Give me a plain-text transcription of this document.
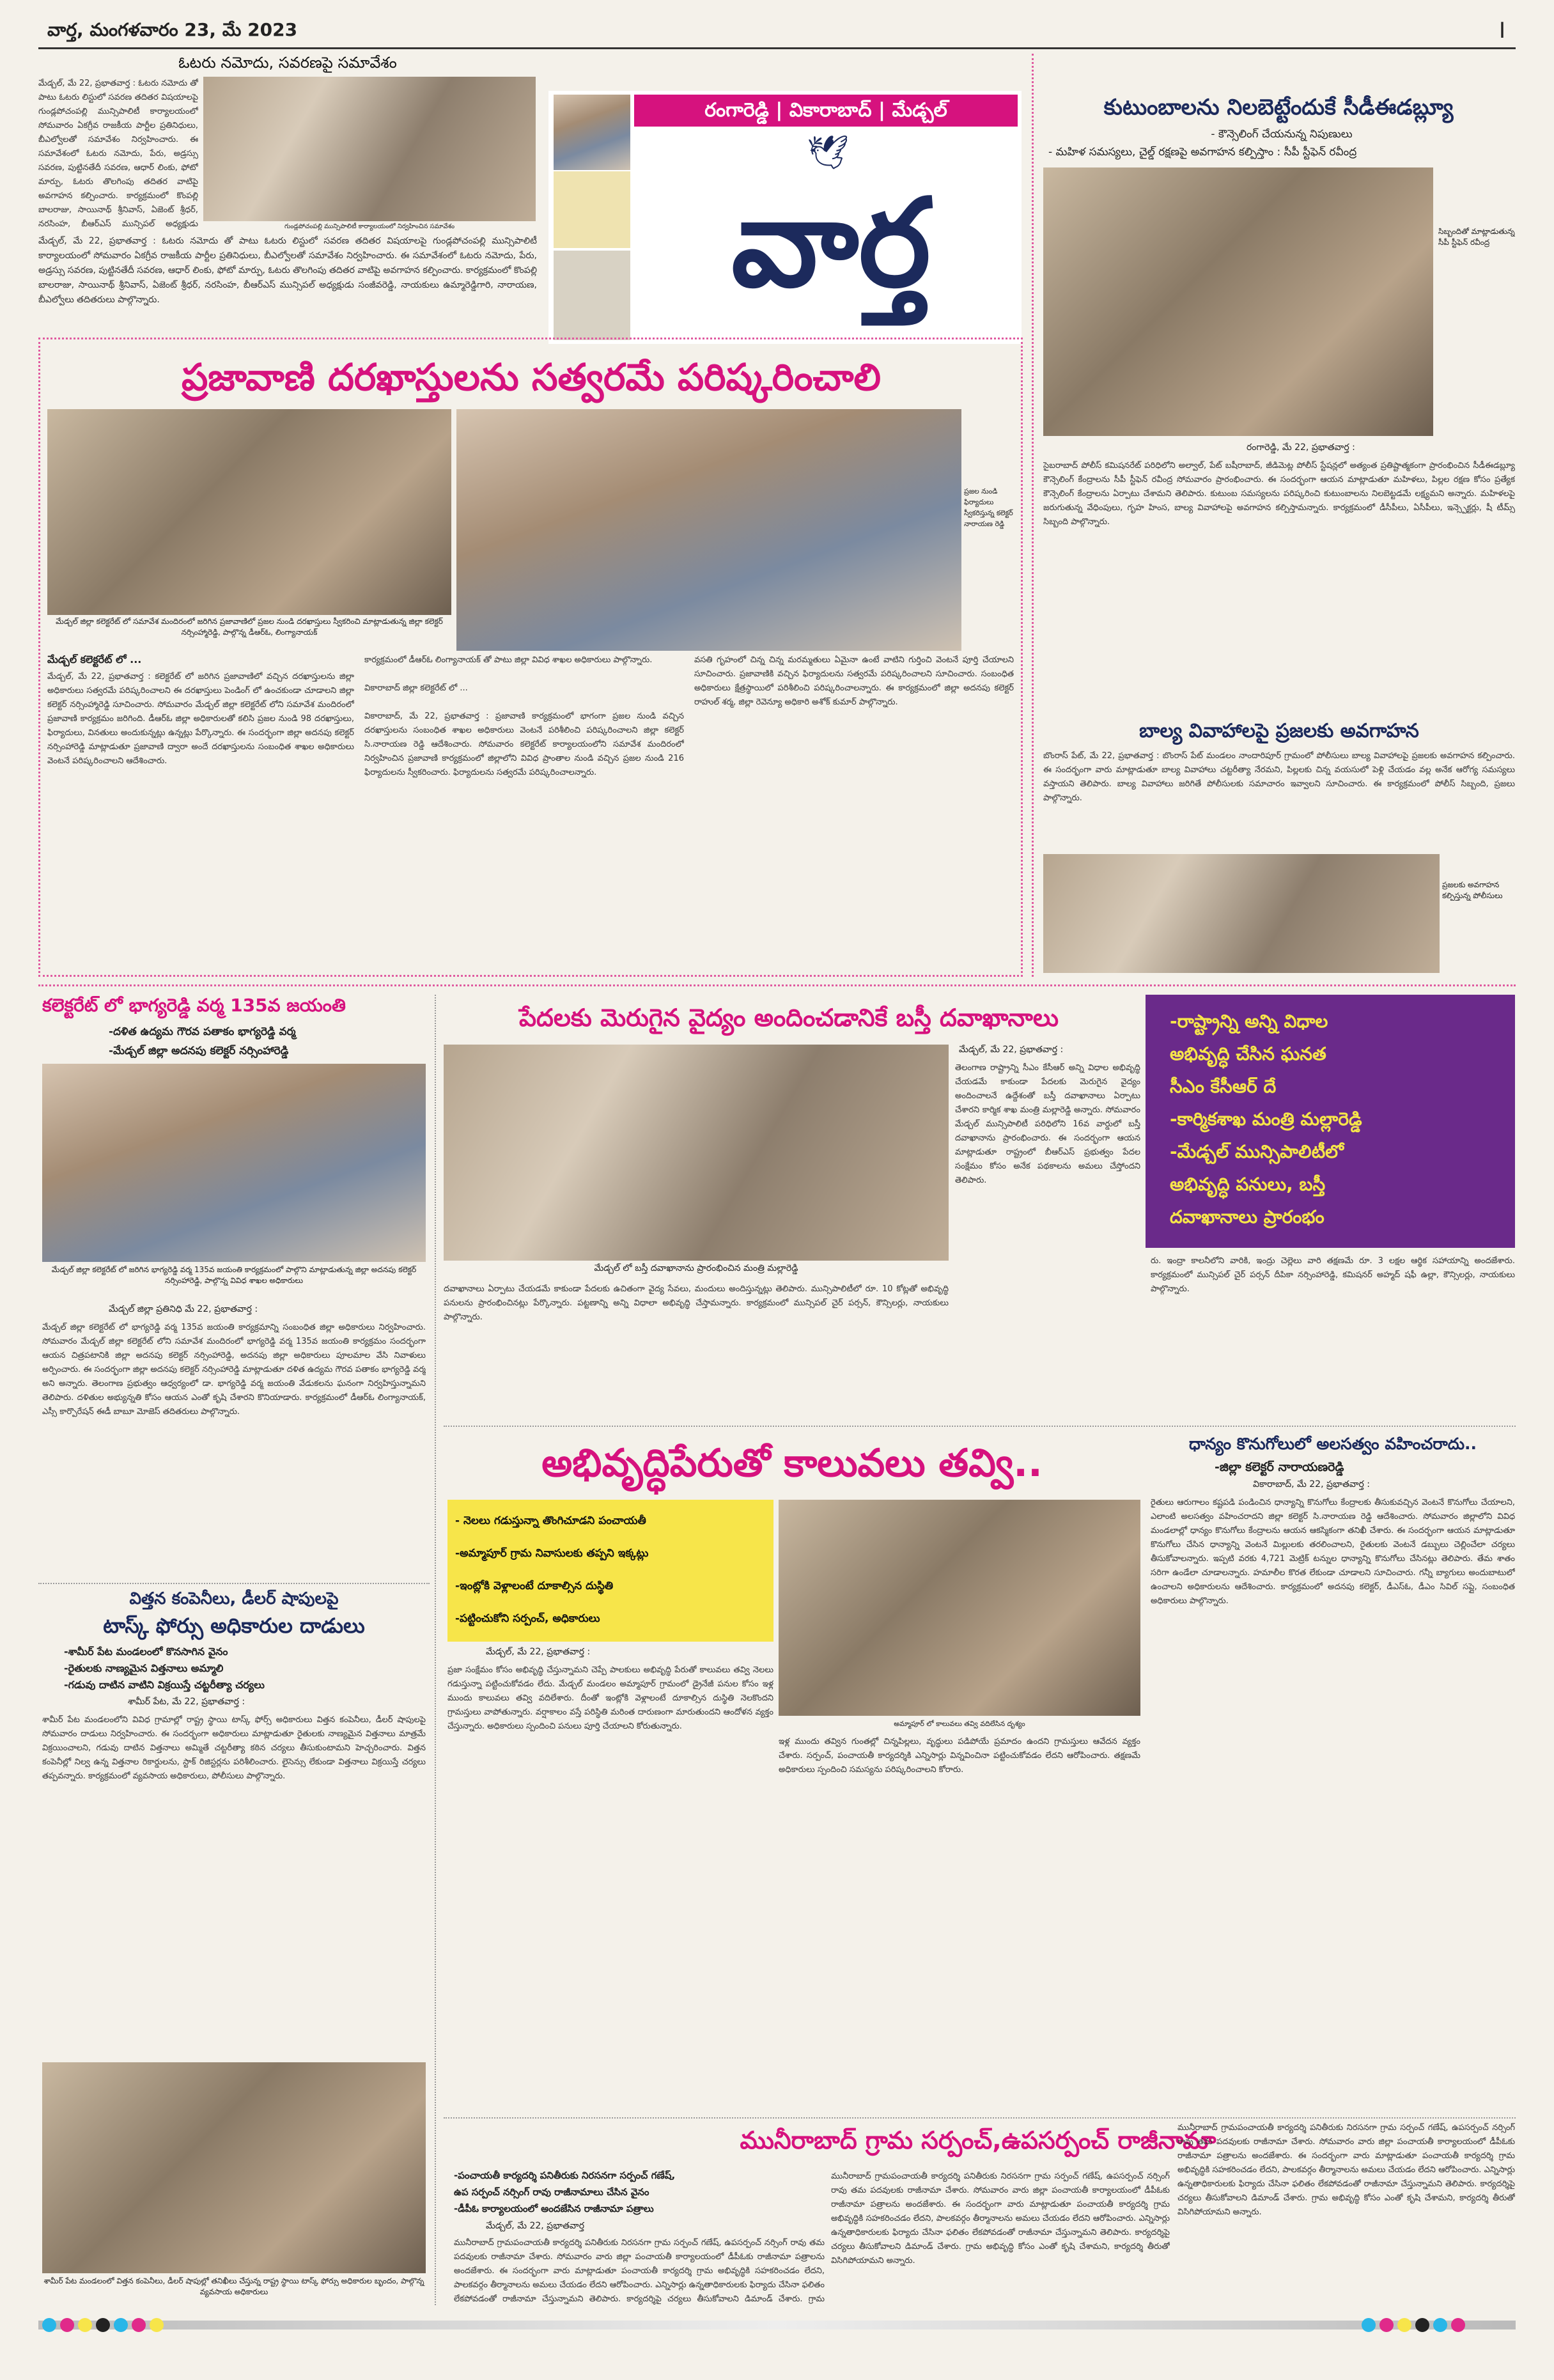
వార్త, మంగళవారం 23, మే 2023	I
ఓటరు నమోదు, సవరణపై సమావేశం
గుండ్లపోచంపల్లి మున్సిపాలిటీ కార్యాలయంలో నిర్వహించిన సమావేశం
మేడ్చల్, మే 22, ప్రభాతవార్త : ఓటరు నమోదు తో పాటు ఓటరు లిస్టులో సవరణ తదితర విషయాలపై గుండ్లపోచంపల్లి మున్సిపాలిటీ కార్యాలయంలో సోమవారం ఏకగ్రీవ రాజకీయ పార్టీల ప్రతినిధులు, బీఎల్వోలతో సమావేశం నిర్వహించారు. ఈ సమావేశంలో ఓటరు నమోదు, పేరు, అడ్రస్సు సవరణ, పుట్టినతేదీ సవరణ, ఆధార్ లింకు, ఫోటో మార్పు, ఓటరు తొలగింపు తదితర వాటిపై అవగాహన కల్పించారు. కార్యక్రమంలో కొంపల్లి బాలరాజు, సాయినాథ్ శ్రీనివాస్, ఏజెంట్ శ్రీధర్, నరసింహ, బీఆర్ఎస్ మున్సిపల్ అధ్యక్షుడు
మేడ్చల్, మే 22, ప్రభాతవార్త : ఓటరు నమోదు తో పాటు ఓటరు లిస్టులో సవరణ తదితర విషయాలపై గుండ్లపోచంపల్లి మున్సిపాలిటీ కార్యాలయంలో సోమవారం ఏకగ్రీవ రాజకీయ పార్టీల ప్రతినిధులు, బీఎల్వోలతో సమావేశం నిర్వహించారు. ఈ సమావేశంలో ఓటరు నమోదు, పేరు, అడ్రస్సు సవరణ, పుట్టినతేదీ సవరణ, ఆధార్ లింకు, ఫోటో మార్పు, ఓటరు తొలగింపు తదితర వాటిపై అవగాహన కల్పించారు. కార్యక్రమంలో కొంపల్లి బాలరాజు, సాయినాథ్ శ్రీనివాస్, ఏజెంట్ శ్రీధర్, నరసింహ, బీఆర్ఎస్ మున్సిపల్ అధ్యక్షుడు సంజీవరెడ్డి, నాయకులు ఉమ్మారెడ్డిగారి, నారాయణ, బీఎల్వోలు తదితరులు పాల్గొన్నారు.
రంగారెడ్డి | వికారాబాద్ | మేడ్చల్
🕊
వార్త
ప్రజావాణి దరఖాస్తులను సత్వరమే పరిష్కరించాలి
మేడ్చల్ జిల్లా కలెక్టరేట్ లో సమావేశ మందిరంలో జరిగిన ప్రజావాణిలో ప్రజల నుండి దరఖాస్తులు స్వీకరించి మాట్లాడుతున్న జిల్లా కలెక్టర్ నర్సింహ్మారెడ్డి, పాల్గొన్న డీఆర్ఓ, లింగ్యానాయక్
ప్రజల నుండి ఫిర్యాదులు స్వీకరిస్తున్న కలెక్టర్ నారాయణ రెడ్డి
మేడ్చల్ కలెక్టరేట్ లో ...
మేడ్చల్, మే 22, ప్రభాతవార్త : కలెక్టరేట్ లో జరిగిన ప్రజావాణిలో వచ్చిన దరఖాస్తులను జిల్లా అధికారులు సత్వరమే పరిష్కరించాలని ఈ దరఖాస్తులు పెండింగ్ లో ఉంచకుండా చూడాలని జిల్లా కలెక్టర్ నర్సింహ్మారెడ్డి సూచించారు. సోమవారం మేడ్చల్ జిల్లా కలెక్టరేట్ లోని సమావేశ మందిరంలో ప్రజావాణి కార్యక్రమం జరిగింది. డీఆర్ఓ జిల్లా అధికారులతో కలిసి ప్రజల నుండి 98 దరఖాస్తులు, ఫిర్యాదులు, వినతులు అందుకున్నట్లు ఉన్నట్లు పేర్కొన్నారు. ఈ సందర్భంగా జిల్లా అదనపు కలెక్టర్ నర్సింహారెడ్డి మాట్లాడుతూ ప్రజావాణి ద్వారా అందే దరఖాస్తులను సంబంధిత శాఖల అధికారులు వెంటనే పరిష్కరించాలని ఆదేశించారు.
కార్యక్రమంలో డీఆర్ఓ లింగ్యానాయక్ తో పాటు జిల్లా వివిధ శాఖల అధికారులు పాల్గొన్నారు.

వికారాబాద్ జిల్లా కలెక్టరేట్ లో ...

వికారాబాద్, మే 22, ప్రభాతవార్త : ప్రజావాణి కార్యక్రమంలో భాగంగా ప్రజల నుండి వచ్చిన దరఖాస్తులను సంబంధిత శాఖల అధికారులు వెంటనే పరిశీలించి పరిష్కరించాలని జిల్లా కలెక్టర్ సి.నారాయణ రెడ్డి ఆదేశించారు. సోమవారం కలెక్టరేట్ కార్యాలయంలోని సమావేశ మందిరంలో నిర్వహించిన ప్రజావాణి కార్యక్రమంలో జిల్లాలోని వివిధ ప్రాంతాల నుండి వచ్చిన ప్రజల నుండి 216 ఫిర్యాదులను స్వీకరించారు. ఫిర్యాదులను సత్వరమే పరిష్కరించాలన్నారు.
వసతి గృహంలో చిన్న చిన్న మరమ్మతులు ఏమైనా ఉంటే వాటిని గుర్తించి వెంటనే పూర్తి చేయాలని సూచించారు. ప్రజావాణికి వచ్చిన ఫిర్యాదులను సత్వరమే పరిష్కరించాలని సూచించారు. సంబంధిత అధికారులు క్షేత్రస్థాయిలో పరిశీలించి పరిష్కరించాలన్నారు. ఈ కార్యక్రమంలో జిల్లా అదనపు కలెక్టర్ రాహుల్ శర్మ, జిల్లా రెవెన్యూ అధికారి అశోక్ కుమార్ పాల్గొన్నారు.
కుటుంబాలను నిలబెట్టేందుకే సీడీఈడబ్ల్యూ
- కౌన్సెలింగ్ చేయనున్న నిపుణులు
- మహిళ సమస్యలు, చైల్డ్ రక్షణపై అవగాహన కల్పిస్తాం : సీపీ స్టీఫెన్ రవీంద్ర
సిబ్బందితో మాట్లాడుతున్న సీపీ స్టీఫెన్ రవీంద్ర
రంగారెడ్డి, మే 22, ప్రభాతవార్త :
సైబరాబాద్ పోలీస్ కమిషనరేట్ పరిధిలోని అల్వాల్, పేట్ బషీరాబాద్, జీడిమెట్ల పోలీస్ స్టేషన్లలో అత్యంత ప్రతిష్టాత్మకంగా ప్రారంభించిన సీడీఈడబ్ల్యూ కౌన్సెలింగ్ కేంద్రాలను సీపీ స్టీఫెన్ రవీంద్ర సోమవారం ప్రారంభించారు. ఈ సందర్భంగా ఆయన మాట్లాడుతూ మహిళలు, పిల్లల రక్షణ కోసం ప్రత్యేక కౌన్సెలింగ్ కేంద్రాలను ఏర్పాటు చేశామని తెలిపారు. కుటుంబ సమస్యలను పరిష్కరించి కుటుంబాలను నిలబెట్టడమే లక్ష్యమని అన్నారు. మహిళలపై జరుగుతున్న వేధింపులు, గృహ హింస, బాల్య వివాహాలపై అవగాహన కల్పిస్తామన్నారు. కార్యక్రమంలో డీసీపీలు, ఏసీపీలు, ఇన్స్పెక్టర్లు, షీ టీమ్స్ సిబ్బంది పాల్గొన్నారు.
బాల్య వివాహాలపై ప్రజలకు అవగాహన
బొంరాస్ పేట్, మే 22, ప్రభాతవార్త : బొంరాస్ పేట్ మండలం నాందారిపూర్ గ్రామంలో పోలీసులు బాల్య వివాహాలపై ప్రజలకు అవగాహన కల్పించారు. ఈ సందర్భంగా వారు మాట్లాడుతూ బాల్య వివాహాలు చట్టరీత్యా నేరమని, పిల్లలకు చిన్న వయసులో పెళ్లి చేయడం వల్ల అనేక ఆరోగ్య సమస్యలు వస్తాయని తెలిపారు. బాల్య వివాహాలు జరిగితే పోలీసులకు సమాచారం ఇవ్వాలని సూచించారు. ఈ కార్యక్రమంలో పోలీస్ సిబ్బంది, ప్రజలు పాల్గొన్నారు.
ప్రజలకు అవగాహన కల్పిస్తున్న పోలీసులు
కలెక్టరేట్ లో భాగ్యరెడ్డి వర్మ 135వ జయంతి
-దళిత ఉద్యమ గౌరవ పతాకం భాగ్యరెడ్డి వర్మ
-మేడ్చల్ జిల్లా అదనపు కలెక్టర్ నర్సింహారెడ్డి
మేడ్చల్ జిల్లా కలెక్టరేట్ లో జరిగిన భాగ్యరెడ్డి వర్మ 135వ జయంతి కార్యక్రమంలో పాల్గొని మాట్లాడుతున్న జిల్లా అదనపు కలెక్టర్ నర్సింహారెడ్డి, పాల్గొన్న వివిధ శాఖల అధికారులు
మేడ్చల్ జిల్లా ప్రతినిధి మే 22, ప్రభాతవార్త :
మేడ్చల్ జిల్లా కలెక్టరేట్ లో భాగ్యరెడ్డి వర్మ 135వ జయంతి కార్యక్రమాన్ని సంబంధిత జిల్లా అధికారులు నిర్వహించారు. సోమవారం మేడ్చల్ జిల్లా కలెక్టరేట్ లోని సమావేశ మందిరంలో భాగ్యరెడ్డి వర్మ 135వ జయంతి కార్యక్రమం సందర్భంగా ఆయన చిత్రపటానికి జిల్లా అదనపు కలెక్టర్ నర్సింహారెడ్డి, అదనపు జిల్లా అధికారులు పూలమాల వేసి నివాళులు అర్పించారు. ఈ సందర్భంగా జిల్లా అదనపు కలెక్టర్ నర్సింహారెడ్డి మాట్లాడుతూ దళిత ఉద్యమ గౌరవ పతాకం భాగ్యరెడ్డి వర్మ అని అన్నారు. తెలంగాణ ప్రభుత్వం ఆధ్వర్యంలో డా. భాగ్యరెడ్డి వర్మ జయంతి వేడుకలను ఘనంగా నిర్వహిస్తున్నామని తెలిపారు. దళితుల అభ్యున్నతి కోసం ఆయన ఎంతో కృషి చేశారని కొనియాడారు. కార్యక్రమంలో డీఆర్ఓ లింగ్యానాయక్, ఎస్సీ కార్పొరేషన్ ఈడీ బాబూ మోజెస్ తదితరులు పాల్గొన్నారు.
విత్తన కంపెనీలు, డీలర్ షాపులపై
టాస్క్ ఫోర్సు అధికారుల దాడులు
-శామీర్ పేట మండలంలో కొనసాగిన వైనం
-రైతులకు నాణ్యమైన విత్తనాలు అమ్మాలి
-గడువు దాటిన వాటిని విక్రయిస్తే చట్టరీత్యా చర్యలు
శామీర్ పేట, మే 22, ప్రభాతవార్త :
శామీర్ పేట మండలంలోని వివిధ గ్రామాల్లో రాష్ట్ర స్థాయి టాస్క్ ఫోర్స్ అధికారులు విత్తన కంపెనీలు, డీలర్ షాపులపై సోమవారం దాడులు నిర్వహించారు. ఈ సందర్భంగా అధికారులు మాట్లాడుతూ రైతులకు నాణ్యమైన విత్తనాలు మాత్రమే విక్రయించాలని, గడువు దాటిన విత్తనాలు అమ్మితే చట్టరీత్యా కఠిన చర్యలు తీసుకుంటామని హెచ్చరించారు. విత్తన కంపెనీల్లో నిల్వ ఉన్న విత్తనాల రికార్డులను, స్టాక్ రిజిస్టర్లను పరిశీలించారు. లైసెన్సు లేకుండా విత్తనాలు విక్రయిస్తే చర్యలు తప్పవన్నారు. కార్యక్రమంలో వ్యవసాయ అధికారులు, పోలీసులు పాల్గొన్నారు.
శామీర్ పేట మండలంలో విత్తన కంపెనీలు, డీలర్ షాపుల్లో తనిఖీలు చేస్తున్న రాష్ట్ర స్థాయి టాస్క్ ఫోర్సు అధికారుల బృందం, పాల్గొన్న వ్యవసాయ అధికారులు
పేదలకు మెరుగైన వైద్యం అందించడానికే బస్తీ దవాఖానాలు
మేడ్చల్, మే 22, ప్రభాతవార్త :
మేడ్చల్ లో బస్తీ దవాఖానాను ప్రారంభించిన మంత్రి మల్లారెడ్డి
తెలంగాణ రాష్ట్రాన్ని సీఎం కేసీఆర్ అన్ని విధాల అభివృద్ధి చేయడమే కాకుండా పేదలకు మెరుగైన వైద్యం అందించాలనే ఉద్దేశంతో బస్తీ దవాఖానాలు ఏర్పాటు చేశారని కార్మిక శాఖ మంత్రి మల్లారెడ్డి అన్నారు. సోమవారం మేడ్చల్ మున్సిపాలిటీ పరిధిలోని 16వ వార్డులో బస్తీ దవాఖానాను ప్రారంభించారు. ఈ సందర్భంగా ఆయన మాట్లాడుతూ రాష్ట్రంలో బీఆర్ఎస్ ప్రభుత్వం పేదల సంక్షేమం కోసం అనేక పథకాలను అమలు చేస్తోందని తెలిపారు.
దవాఖానాలు ఏర్పాటు చేయడమే కాకుండా పేదలకు ఉచితంగా వైద్య సేవలు, మందులు అందిస్తున్నట్లు తెలిపారు. మున్సిపాలిటీలో రూ. 10 కోట్లతో అభివృద్ధి పనులను ప్రారంభించినట్లు పేర్కొన్నారు. పట్టణాన్ని అన్ని విధాలా అభివృద్ధి చేస్తామన్నారు. కార్యక్రమంలో మున్సిపల్ చైర్ పర్సన్, కౌన్సిలర్లు, నాయకులు పాల్గొన్నారు.
-రాష్ట్రాన్ని అన్ని విధాల
అభివృద్ధి చేసిన ఘనత
సీఎం కేసీఆర్ దే
-కార్మికశాఖ మంత్రి మల్లారెడ్డి
-మేడ్చల్ మున్సిపాలిటీలో
అభివృద్ధి పనులు, బస్తీ
దవాఖానాలు ప్రారంభం
రు. ఇంద్రా కాలనీలోని వారికి, ఇంద్రు చెల్లెలు వారి తక్షణమే రూ. 3 లక్షల ఆర్థిక సహాయాన్ని అందజేశారు. కార్యక్రమంలో మున్సిపల్ చైర్ పర్సన్ దీపికా నర్సింహారెడ్డి, కమిషనర్ అహ్మద్ షఫీ ఉల్లా, కౌన్సిలర్లు, నాయకులు పాల్గొన్నారు.
అభివృద్ధిపేరుతో కాలువలు తవ్వి..
- నెలలు గడుస్తున్నా తొంగిచూడని పంచాయతీ
-అమ్మాపూర్ గ్రామ నివాసులకు తప్పని ఇక్కట్లు
-ఇంట్లోకి వెళ్లాలంటే దూకాల్సిన దుస్థితి
-పట్టించుకోని సర్పంచ్, అధికారులు
మేడ్చల్, మే 22, ప్రభాతవార్త :
ప్రజా సంక్షేమం కోసం అభివృద్ధి చేస్తున్నామని చెప్పే పాలకులు అభివృద్ధి పేరుతో కాలువలు తవ్వి నెలలు గడుస్తున్నా పట్టించుకోవడం లేదు. మేడ్చల్ మండలం అమ్మాపూర్ గ్రామంలో డ్రైనేజీ పనుల కోసం ఇళ్ల ముందు కాలువలు తవ్వి వదిలేశారు. దీంతో ఇంట్లోకి వెళ్లాలంటే దూకాల్సిన దుస్థితి నెలకొందని గ్రామస్తులు వాపోతున్నారు. వర్షాకాలం వస్తే పరిస్థితి మరింత దారుణంగా మారుతుందని ఆందోళన వ్యక్తం చేస్తున్నారు. అధికారులు స్పందించి పనులు పూర్తి చేయాలని కోరుతున్నారు.	అమ్మాపూర్ లో కాలువలు తవ్వి వదిలేసిన దృశ్యం
ఇళ్ల ముందు తవ్విన గుంతల్లో చిన్నపిల్లలు, వృద్ధులు పడిపోయే ప్రమాదం ఉందని గ్రామస్తులు ఆవేదన వ్యక్తం చేశారు. సర్పంచ్, పంచాయతీ కార్యదర్శికి ఎన్నిసార్లు విన్నవించినా పట్టించుకోవడం లేదని ఆరోపించారు. తక్షణమే అధికారులు స్పందించి సమస్యను పరిష్కరించాలని కోరారు.
ధాన్యం కొనుగోలులో అలసత్వం వహించరాదు..
-జిల్లా కలెక్టర్ నారాయణరెడ్డి
వికారాబాద్, మే 22, ప్రభాతవార్త :
రైతులు ఆరుగాలం కష్టపడి పండించిన ధాన్యాన్ని కొనుగోలు కేంద్రాలకు తీసుకువచ్చిన వెంటనే కొనుగోలు చేయాలని, ఎలాంటి అలసత్వం వహించరాదని జిల్లా కలెక్టర్ సి.నారాయణ రెడ్డి ఆదేశించారు. సోమవారం జిల్లాలోని వివిధ మండలాల్లో ధాన్యం కొనుగోలు కేంద్రాలను ఆయన ఆకస్మికంగా తనిఖీ చేశారు. ఈ సందర్భంగా ఆయన మాట్లాడుతూ కొనుగోలు చేసిన ధాన్యాన్ని వెంటనే మిల్లులకు తరలించాలని, రైతులకు వెంటనే డబ్బులు చెల్లించేలా చర్యలు తీసుకోవాలన్నారు. ఇప్పటి వరకు 4,721 మెట్రిక్ టన్నుల ధాన్యాన్ని కొనుగోలు చేసినట్లు తెలిపారు. తేమ శాతం సరిగా ఉండేలా చూడాలన్నారు. హమాలీల కొరత లేకుండా చూడాలని సూచించారు. గన్నీ బ్యాగులు అందుబాటులో ఉంచాలని అధికారులను ఆదేశించారు. కార్యక్రమంలో అదనపు కలెక్టర్, డీఎస్ఓ, డీఎం సివిల్ సప్లై, సంబంధిత అధికారులు పాల్గొన్నారు.
మునీరాబాద్ గ్రామ సర్పంచ్,ఉపసర్పంచ్ రాజీనామా
-పంచాయతీ కార్యదర్శి పనితీరుకు నిరసనగా సర్పంచ్ గణేష్,
ఉప సర్పంచ్ నర్సింగ్ రావు రాజీనామాలు చేసిన వైనం
-డీపీఓ కార్యాలయంలో అందజేసిన రాజీనామా పత్రాలు
మేడ్చల్, మే 22, ప్రభాతవార్త
మునీరాబాద్ గ్రామపంచాయతీ కార్యదర్శి పనితీరుకు నిరసనగా గ్రామ సర్పంచ్ గణేష్, ఉపసర్పంచ్ నర్సింగ్ రావు తమ పదవులకు రాజీనామా చేశారు. సోమవారం వారు జిల్లా పంచాయతీ కార్యాలయంలో డీపీఓకు రాజీనామా పత్రాలను అందజేశారు. ఈ సందర్భంగా వారు మాట్లాడుతూ పంచాయతీ కార్యదర్శి గ్రామ అభివృద్ధికి సహకరించడం లేదని, పాలకవర్గం తీర్మానాలను అమలు చేయడం లేదని ఆరోపించారు. ఎన్నిసార్లు ఉన్నతాధికారులకు ఫిర్యాదు చేసినా ఫలితం లేకపోవడంతో రాజీనామా చేస్తున్నామని తెలిపారు. కార్యదర్శిపై చర్యలు తీసుకోవాలని డిమాండ్ చేశారు. గ్రామ
మునీరాబాద్ గ్రామపంచాయతీ కార్యదర్శి పనితీరుకు నిరసనగా గ్రామ సర్పంచ్ గణేష్, ఉపసర్పంచ్ నర్సింగ్ రావు తమ పదవులకు రాజీనామా చేశారు. సోమవారం వారు జిల్లా పంచాయతీ కార్యాలయంలో డీపీఓకు రాజీనామా పత్రాలను అందజేశారు. ఈ సందర్భంగా వారు మాట్లాడుతూ పంచాయతీ కార్యదర్శి గ్రామ అభివృద్ధికి సహకరించడం లేదని, పాలకవర్గం తీర్మానాలను అమలు చేయడం లేదని ఆరోపించారు. ఎన్నిసార్లు ఉన్నతాధికారులకు ఫిర్యాదు చేసినా ఫలితం లేకపోవడంతో రాజీనామా చేస్తున్నామని తెలిపారు. కార్యదర్శిపై చర్యలు తీసుకోవాలని డిమాండ్ చేశారు. గ్రామ అభివృద్ధి కోసం ఎంతో కృషి చేశామని, కార్యదర్శి తీరుతో విసిగిపోయామని అన్నారు.
మునీరాబాద్ గ్రామపంచాయతీ కార్యదర్శి పనితీరుకు నిరసనగా గ్రామ సర్పంచ్ గణేష్, ఉపసర్పంచ్ నర్సింగ్ రావు తమ పదవులకు రాజీనామా చేశారు. సోమవారం వారు జిల్లా పంచాయతీ కార్యాలయంలో డీపీఓకు రాజీనామా పత్రాలను అందజేశారు. ఈ సందర్భంగా వారు మాట్లాడుతూ పంచాయతీ కార్యదర్శి గ్రామ అభివృద్ధికి సహకరించడం లేదని, పాలకవర్గం తీర్మానాలను అమలు చేయడం లేదని ఆరోపించారు. ఎన్నిసార్లు ఉన్నతాధికారులకు ఫిర్యాదు చేసినా ఫలితం లేకపోవడంతో రాజీనామా చేస్తున్నామని తెలిపారు. కార్యదర్శిపై చర్యలు తీసుకోవాలని డిమాండ్ చేశారు. గ్రామ అభివృద్ధి కోసం ఎంతో కృషి చేశామని, కార్యదర్శి తీరుతో విసిగిపోయామని అన్నారు.
